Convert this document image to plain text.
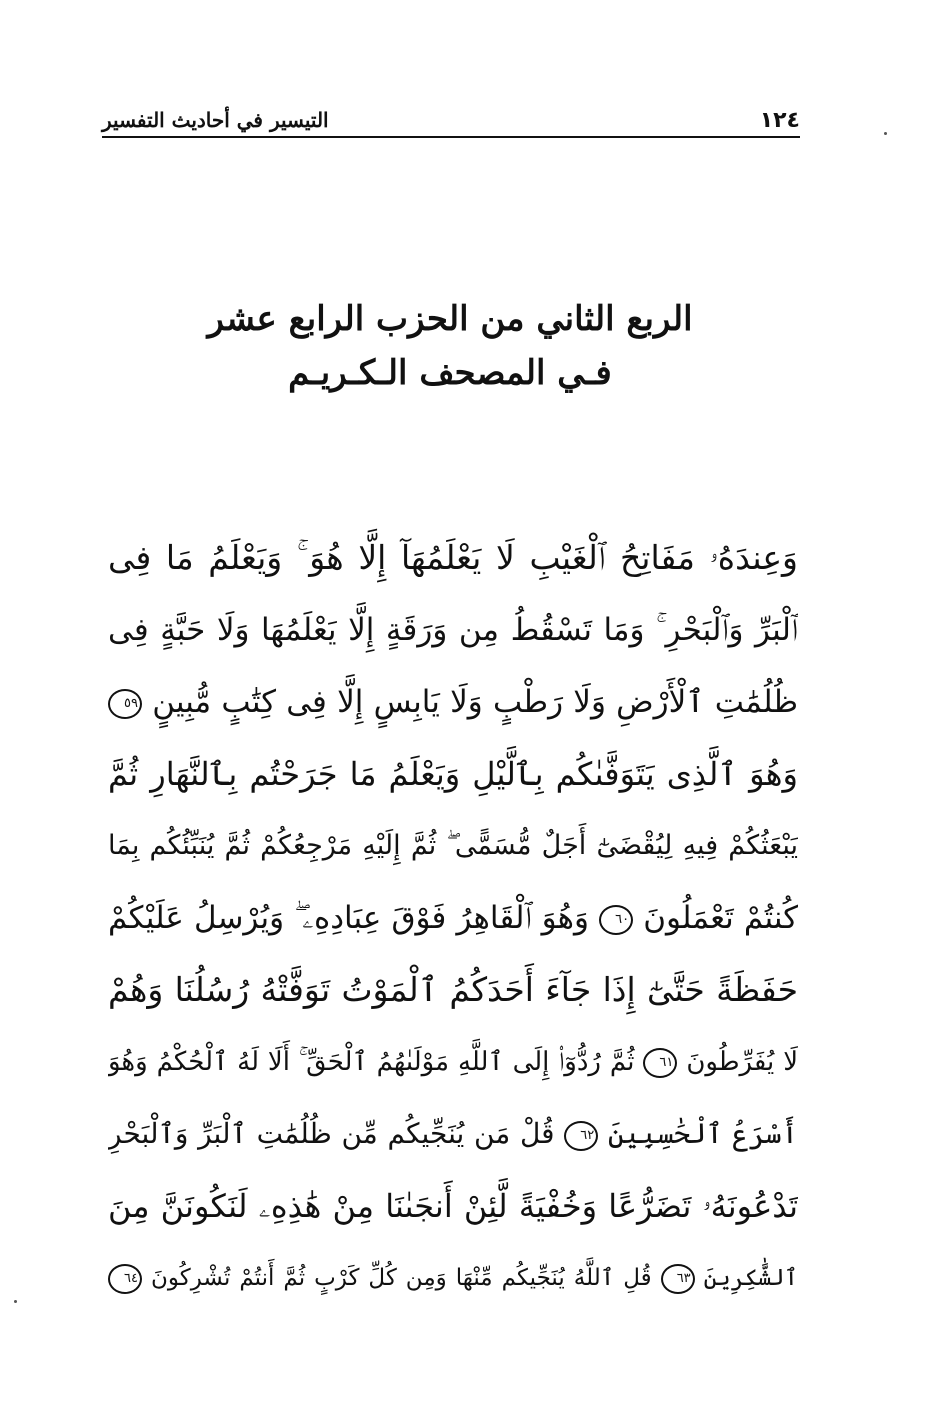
١٢٤
التيسير في أحاديث التفسير
الربع الثاني من الحزب الرابع عشر
فـي المصحف الـكـريـم
وَعِندَهُۥ مَفَاتِحُ ٱلْغَيْبِ لَا يَعْلَمُهَآ إِلَّا هُوَ ۚ وَيَعْلَمُ مَا فِى
ٱلْبَرِّ وَٱلْبَحْرِ ۚ وَمَا تَسْقُطُ مِن وَرَقَةٍ إِلَّا يَعْلَمُهَا وَلَا حَبَّةٍ فِى
ظُلُمَٰتِ ٱلْأَرْضِ وَلَا رَطْبٍ وَلَا يَابِسٍ إِلَّا فِى كِتَٰبٍ مُّبِينٍ ٥٩
وَهُوَ ٱلَّذِى يَتَوَفَّىٰكُم بِٱلَّيْلِ وَيَعْلَمُ مَا جَرَحْتُم بِٱلنَّهَارِ ثُمَّ
يَبْعَثُكُمْ فِيهِ لِيُقْضَىٰٓ أَجَلٌ مُّسَمًّى ۖ ثُمَّ إِلَيْهِ مَرْجِعُكُمْ ثُمَّ يُنَبِّئُكُم بِمَا
كُنتُمْ تَعْمَلُونَ ٦٠ وَهُوَ ٱلْقَاهِرُ فَوْقَ عِبَادِهِۦ ۖ وَيُرْسِلُ عَلَيْكُمْ
حَفَظَةً حَتَّىٰٓ إِذَا جَآءَ أَحَدَكُمُ ٱلْمَوْتُ تَوَفَّتْهُ رُسُلُنَا وَهُمْ
لَا يُفَرِّطُونَ ٦١ ثُمَّ رُدُّوٓا۟ إِلَى ٱللَّهِ مَوْلَىٰهُمُ ٱلْحَقِّ ۚ أَلَا لَهُ ٱلْحُكْمُ وَهُوَ
أَسْرَعُ ٱلْحَٰسِبِينَ ٦٢ قُلْ مَن يُنَجِّيكُم مِّن ظُلُمَٰتِ ٱلْبَرِّ وَٱلْبَحْرِ
تَدْعُونَهُۥ تَضَرُّعًا وَخُفْيَةً لَّئِنْ أَنجَىٰنَا مِنْ هَٰذِهِۦ لَنَكُونَنَّ مِنَ
ٱلشَّٰكِرِينَ ٦٣ قُلِ ٱللَّهُ يُنَجِّيكُم مِّنْهَا وَمِن كُلِّ كَرْبٍ ثُمَّ أَنتُمْ تُشْرِكُونَ ٦٤
